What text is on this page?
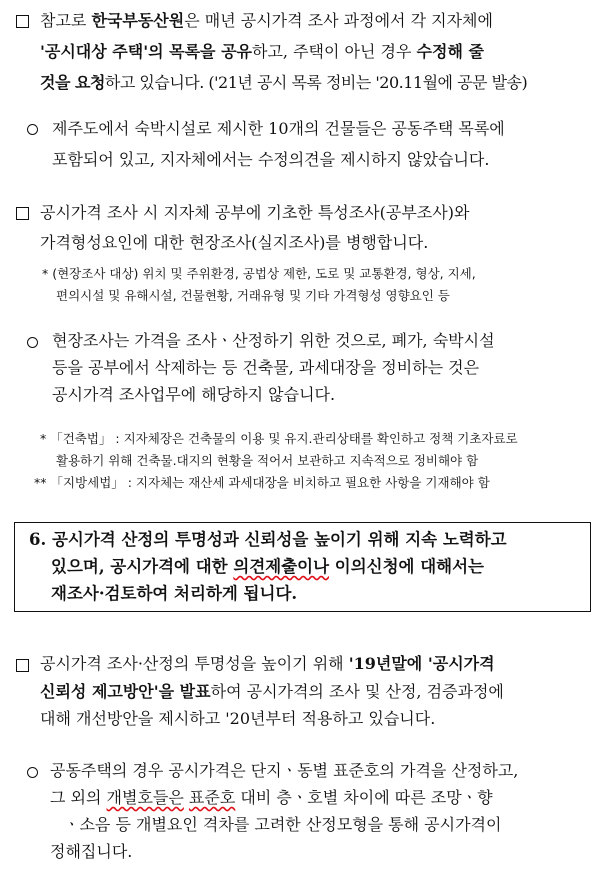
참고로 한국부동산원은 매년 공시가격 조사 과정에서 각 지자체에
'공시대상 주택'의 목록을 공유하고, 주택이 아닌 경우 수정해 줄
것을 요청하고 있습니다. ('21년 공시 목록 정비는 '20.11월에 공문 발송)
제주도에서 숙박시설로 제시한 10개의 건물들은 공동주택 목록에
포함되어 있고, 지자체에서는 수정의견을 제시하지 않았습니다.
공시가격 조사 시 지자체 공부에 기초한 특성조사(공부조사)와
가격형성요인에 대한 현장조사(실지조사)를 병행합니다.
* (현장조사 대상) 위치 및 주위환경, 공법상 제한, 도로 및 교통환경, 형상, 지세,
편의시설 및 유해시설, 건물현황, 거래유형 및 기타 가격형성 영향요인 등
현장조사는 가격을 조사ㆍ산정하기 위한 것으로, 폐가, 숙박시설
등을 공부에서 삭제하는 등 건축물, 과세대장을 정비하는 것은
공시가격 조사업무에 해당하지 않습니다.
* 「건축법」 : 지자체장은 건축물의 이용 및 유지.관리상태를 확인하고 정책 기초자료로
활용하기 위해 건축물.대지의 현황을 적어서 보관하고 지속적으로 정비해야 함
** 「지방세법」 : 지자체는 재산세 과세대장을 비치하고 필요한 사항을 기재해야 함
6. 공시가격 산정의 투명성과 신뢰성을 높이기 위해 지속 노력하고
있으며, 공시가격에 대한 의견제출이나 이의신청에 대해서는
재조사·검토하여 처리하게 됩니다.
공시가격 조사·산정의 투명성을 높이기 위해 '19년말에 '공시가격
신뢰성 제고방안'을 발표하여 공시가격의 조사 및 산정, 검증과정에
대해 개선방안을 제시하고 '20년부터 적용하고 있습니다.
공동주택의 경우 공시가격은 단지ㆍ동별 표준호의 가격을 산정하고,
그 외의 개별호들은 표준호 대비 층ㆍ호별 차이에 따른 조망ㆍ향
ㆍ소음 등 개별요인 격차를 고려한 산정모형을 통해 공시가격이
정해집니다.
